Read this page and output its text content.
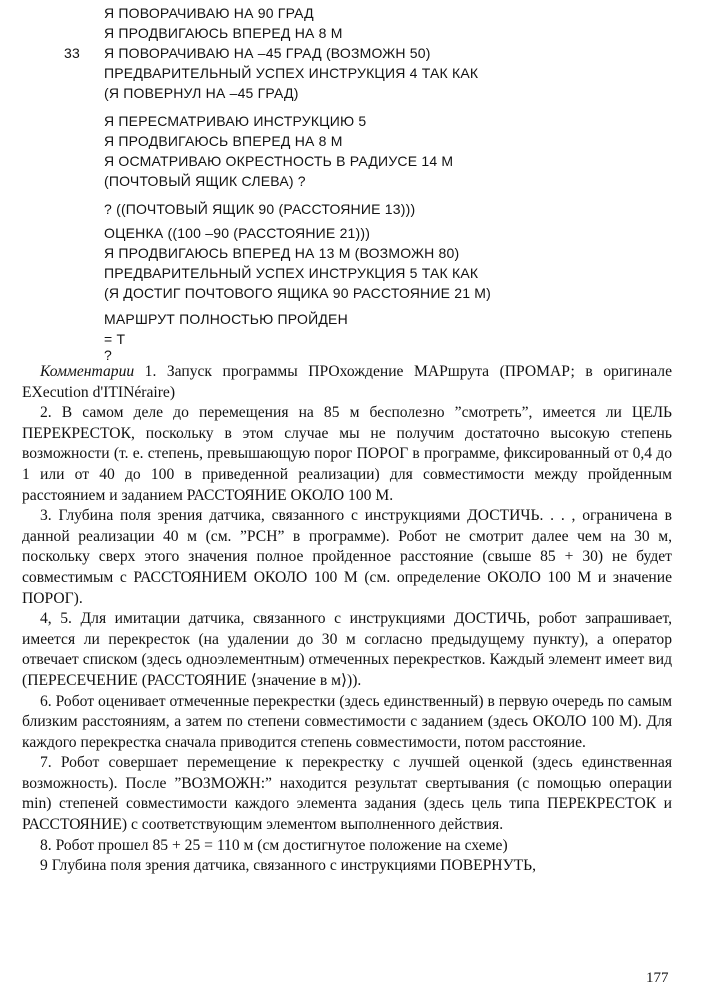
Я ПОВОРАЧИВАЮ НА 90 ГРАД
Я ПРОДВИГАЮСЬ ВПЕРЕД НА 8 М
33 Я ПОВОРАЧИВАЮ НА –45 ГРАД (ВОЗМОЖН 50)
ПРЕДВАРИТЕЛЬНЫЙ УСПЕХ ИНСТРУКЦИЯ 4 ТАК КАК
(Я ПОВЕРНУЛ НА –45 ГРАД)
Я ПЕРЕСМАТРИВАЮ ИНСТРУКЦИЮ 5
Я ПРОДВИГАЮСЬ ВПЕРЕД НА 8 М
Я ОСМАТРИВАЮ ОКРЕСТНОСТЬ В РАДИУСЕ 14 М
(ПОЧТОВЫЙ ЯЩИК СЛЕВА) ?
? ((ПОЧТОВЫЙ ЯЩИК 90 (РАССТОЯНИЕ 13)))
ОЦЕНКА ((100 –90 (РАССТОЯНИЕ 21)))
Я ПРОДВИГАЮСЬ ВПЕРЕД НА 13 М (ВОЗМОЖН 80)
ПРЕДВАРИТЕЛЬНЫЙ УСПЕХ ИНСТРУКЦИЯ 5 ТАК КАК
(Я ДОСТИГ ПОЧТОВОГО ЯЩИКА 90 РАССТОЯНИЕ 21 М)
МАРШРУТ ПОЛНОСТЬЮ ПРОЙДЕН
= Т
?

Комментарии 1. Запуск программы ПРОхождение МАРшрута (ПРОМАР; в оригинале EXecution d'ITINéraire)

2. В самом деле до перемещения на 85 м бесполезно ”смотреть”, имеется ли ЦЕЛЬ ПЕРЕКРЕСТОК, поскольку в этом случае мы не получим достаточно высокую степень возможности (т. е. степень, превышающую порог ПОРОГ в программе, фиксированный от 0,4 до 1 или от 40 до 100 в приведенной реализации) для совместимости между пройденным расстоянием и заданием РАССТОЯНИЕ ОКОЛО 100 М.

3. Глубина поля зрения датчика, связанного с инструкциями ДОСТИЧЬ. . . , ограничена в данной реализации 40 м (см. ”РСН” в программе). Робот не смотрит далее чем на 30 м, поскольку сверх этого значения полное пройденное расстояние (свыше 85 + 30) не будет совместимым с РАССТОЯНИЕМ ОКОЛО 100 М (см. определение ОКОЛО 100 М и значение ПОРОГ).

4, 5. Для имитации датчика, связанного с инструкциями ДОСТИЧЬ, робот запрашивает, имеется ли перекресток (на удалении до 30 м согласно предыдущему пункту), а оператор отвечает списком (здесь одноэлементным) отмеченных перекрестков. Каждый элемент имеет вид (ПЕРЕСЕЧЕНИЕ (РАССТОЯНИЕ ⟨значение в м⟩)).

6. Робот оценивает отмеченные перекрестки (здесь единственный) в первую очередь по самым близким расстояниям, а затем по степени совместимости с заданием (здесь ОКОЛО 100 М). Для каждого перекрестка сначала приводится степень совместимости, потом расстояние.

7. Робот совершает перемещение к перекрестку с лучшей оценкой (здесь единственная возможность). После ”ВОЗМОЖН:” находится результат свертывания (с помощью операции min) степеней совместимости каждого элемента задания (здесь цель типа ПЕРЕКРЕСТОК и РАССТОЯНИЕ) с соответствующим элементом выполненного действия.

8. Робот прошел 85 + 25 = 110 м (см достигнутое положение на схеме)

9 Глубина поля зрения датчика, связанного с инструкциями ПОВЕРНУТЬ,

177
